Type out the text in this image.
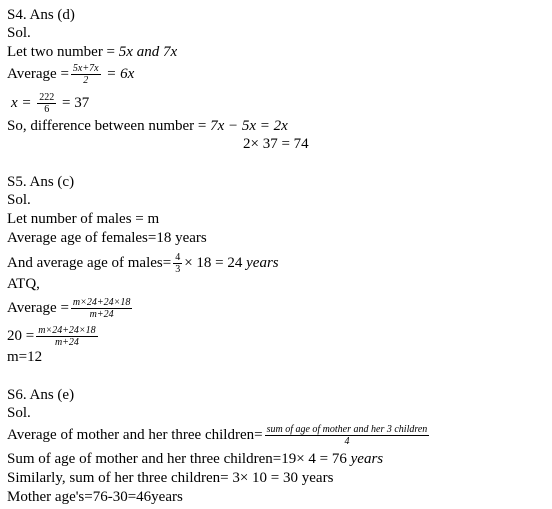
S4. Ans (d)
Sol.
Let two number = 5x and 7x
Average = $\frac{5x+7x}{2} = 6x$
$x = \frac{222}{6} = 37$
So, difference between number = 7x − 5x = 2x
2× 37 = 74
S5. Ans (c)
Sol.
Let number of males = m
Average age of females=18 years
And average age of males= $\frac{4}{3} \times 18 = 24$ years
ATQ,
Average = $\frac{m\times 24+24\times 18}{m+24}$
$20 = \frac{m\times 24+24\times 18}{m+24}$
m=12
S6. Ans (e)
Sol.
Average of mother and her three children= $\frac{\text{sum of age of mother and her 3 children}}{4}$
Sum of age of mother and her three children=19× 4 = 76 years
Similarly, sum of her three children= 3× 10 = 30 years
Mother age's=76-30=46years
